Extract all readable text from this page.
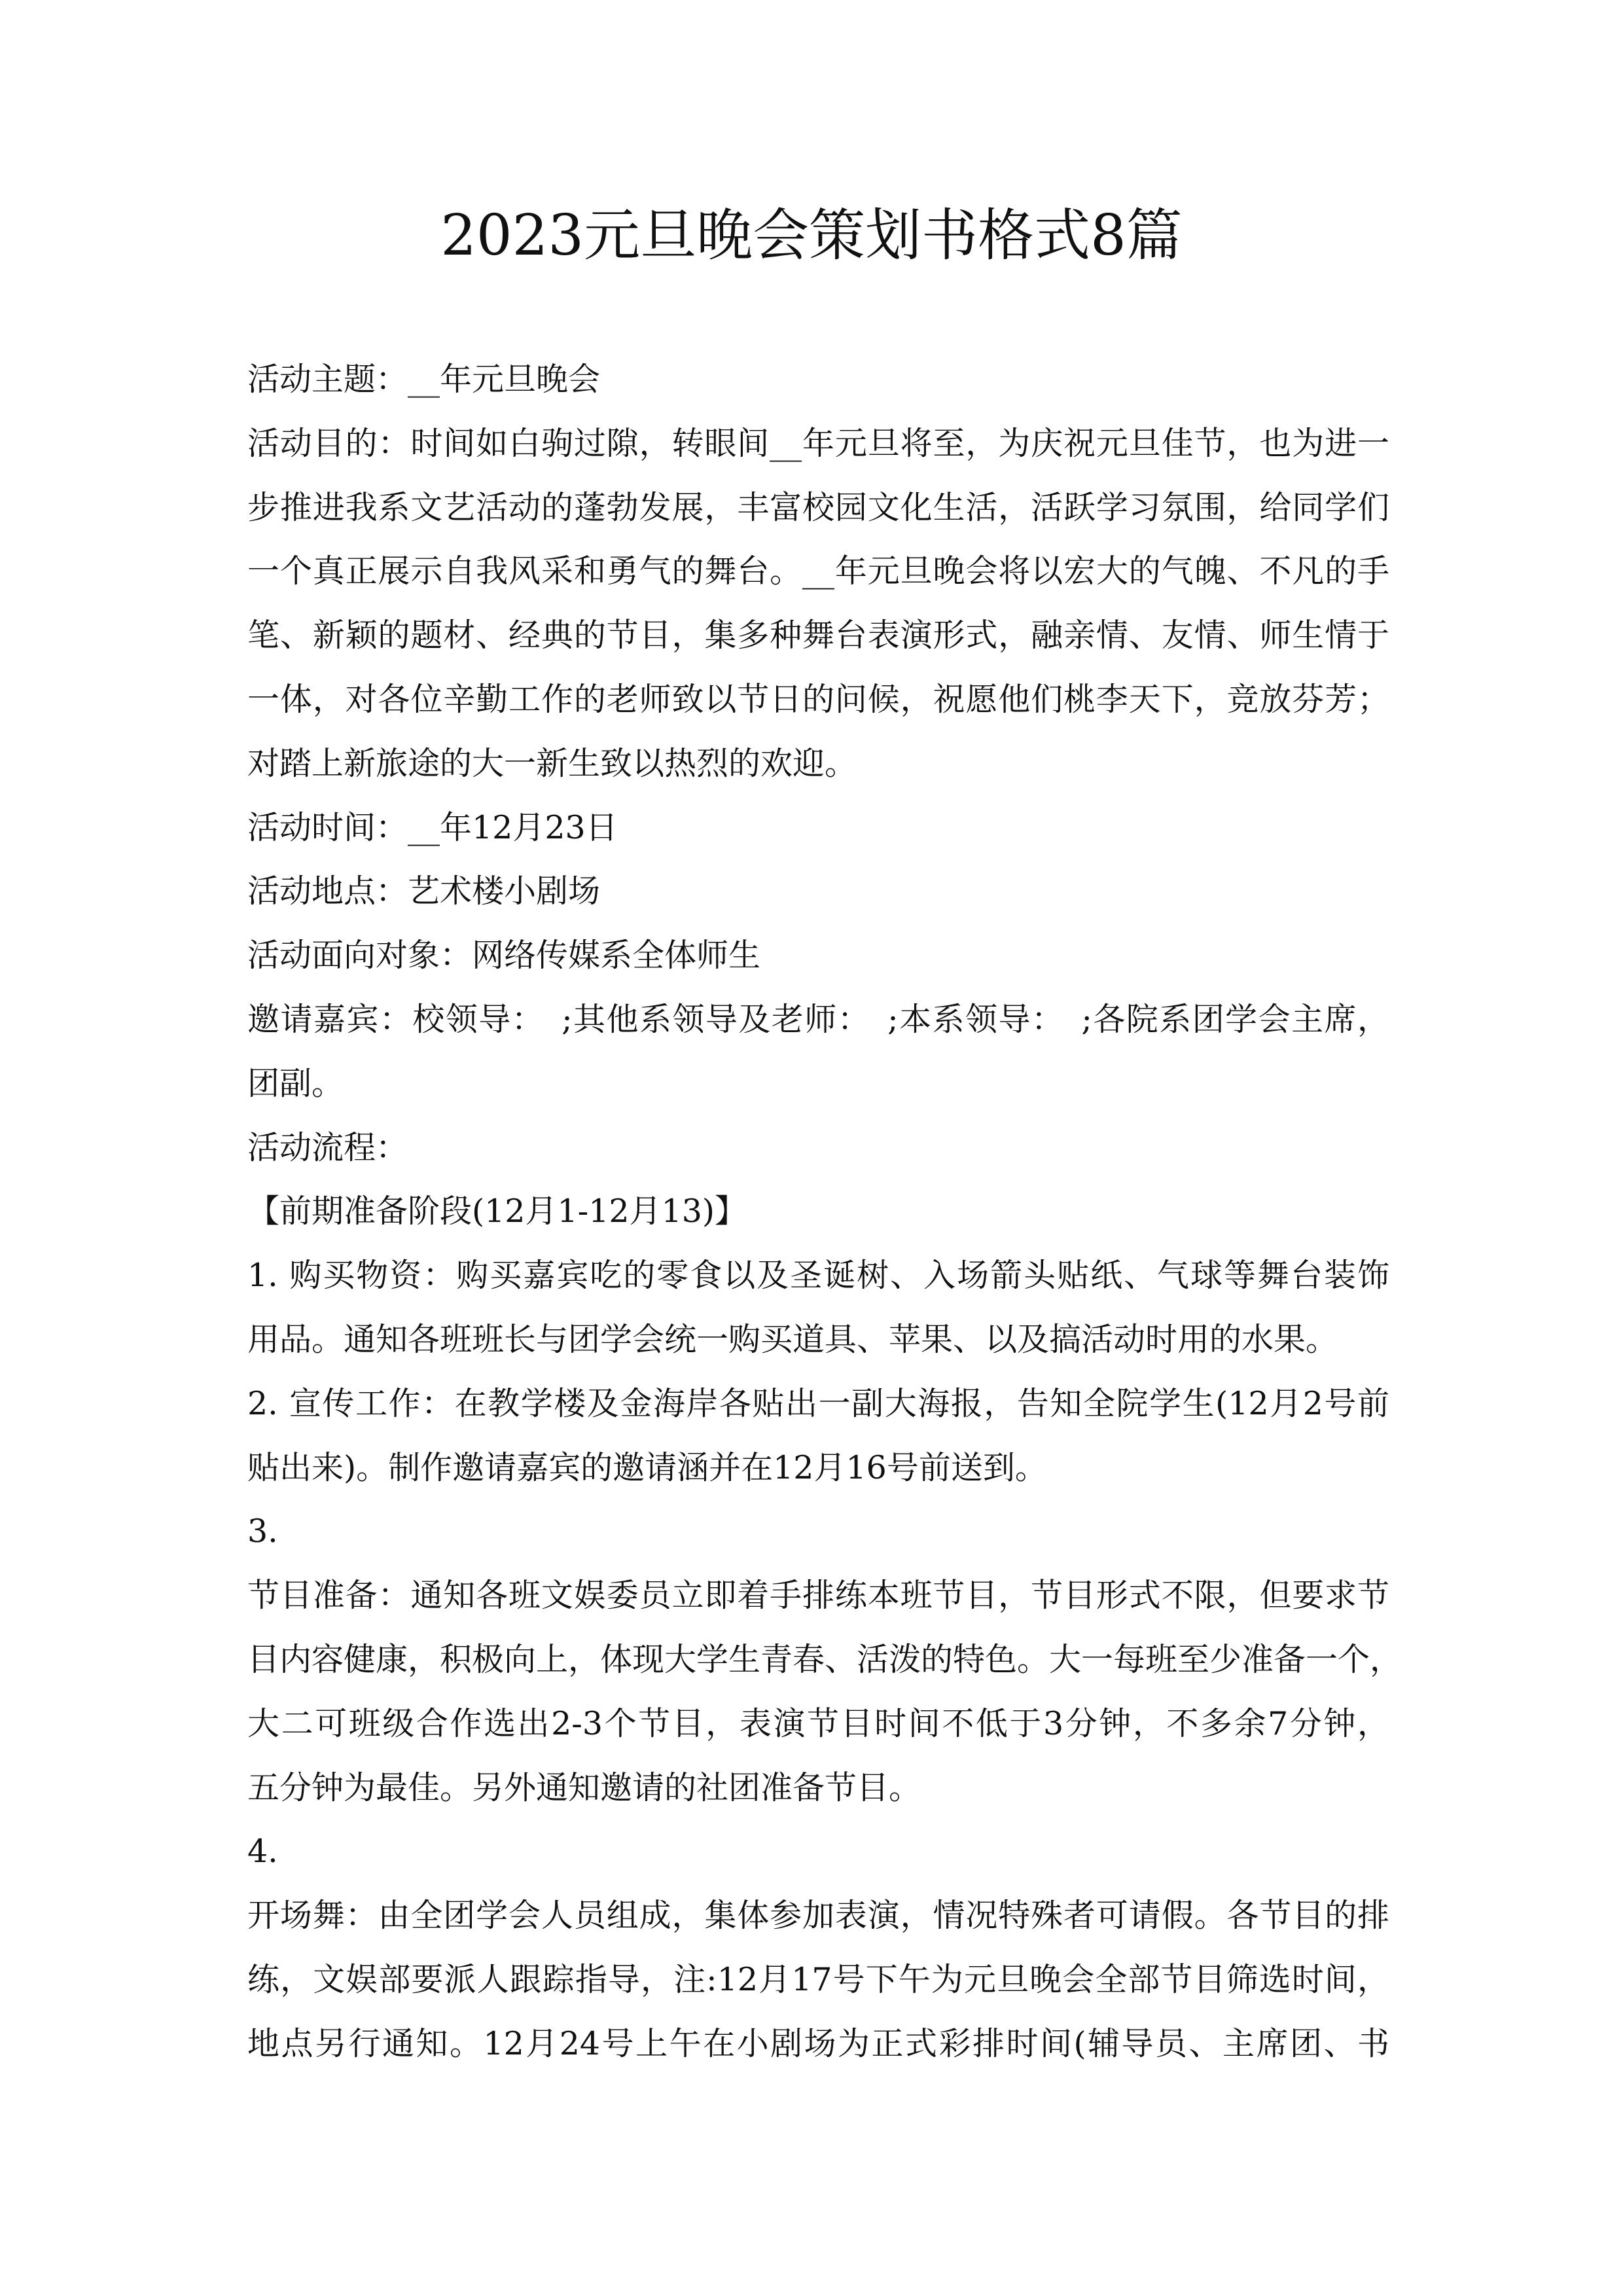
2023元旦晚会策划书格式8篇
活动主题：__年元旦晚会
活动目的：时间如白驹过隙，转眼间__年元旦将至，为庆祝元旦佳节，也为进一
步推进我系文艺活动的蓬勃发展，丰富校园文化生活，活跃学习氛围，给同学们
一个真正展示自我风采和勇气的舞台。__年元旦晚会将以宏大的气魄、不凡的手
笔、新颖的题材、经典的节目，集多种舞台表演形式，融亲情、友情、师生情于
一体，对各位辛勤工作的老师致以节日的问候，祝愿他们桃李天下，竞放芬芳；
对踏上新旅途的大一新生致以热烈的欢迎。
活动时间：__年12月23日
活动地点：艺术楼小剧场
活动面向对象：网络传媒系全体师生
邀请嘉宾：校领导：　;其他系领导及老师：　;本系领导：　;各院系团学会主席，
团副。
活动流程：
【前期准备阶段(12月1-12月13)】
1. 购买物资：购买嘉宾吃的零食以及圣诞树、入场箭头贴纸、气球等舞台装饰
用品。通知各班班长与团学会统一购买道具、苹果、以及搞活动时用的水果。
2. 宣传工作：在教学楼及金海岸各贴出一副大海报，告知全院学生(12月2号前
贴出来)。制作邀请嘉宾的邀请涵并在12月16号前送到。
3.
节目准备：通知各班文娱委员立即着手排练本班节目，节目形式不限，但要求节
目内容健康，积极向上，体现大学生青春、活泼的特色。大一每班至少准备一个，
大二可班级合作选出2-3个节目，表演节目时间不低于3分钟，不多余7分钟，
五分钟为最佳。另外通知邀请的社团准备节目。
4.
开场舞：由全团学会人员组成，集体参加表演，情况特殊者可请假。各节目的排
练，文娱部要派人跟踪指导，注:12月17号下午为元旦晚会全部节目筛选时间，
地点另行通知。12月24号上午在小剧场为正式彩排时间(辅导员、主席团、书
